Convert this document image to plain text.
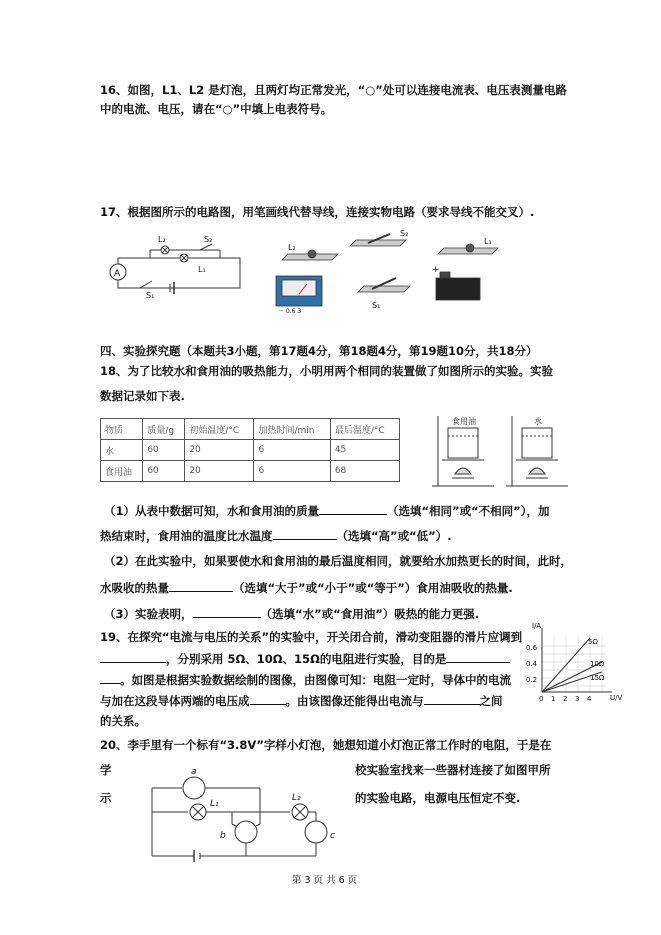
16、如图，L1、L2 是灯泡，且两灯均正常发光，“○”处可以连接电流表、电压表测量电路
中的电流、电压，请在“○”中填上电表符号。
17、根据图所示的电路图，用笔画线代替导线，连接实物电路（要求导线不能交叉）.
A
L₂	S₂
L₁
S₁
L₂
S₂
L₁
S₁
－ 0.6 3
+
四、实验探究题（本题共3小题，第17题4分，第18题4分，第19题10分，共18分）
18、为了比较水和食用油的吸热能力，小明用两个相同的装置做了如图所示的实验。实验
数据记录如下表.
物质	质量/g	初始温度/°C	加热时间/min	最后温度/°C
水	60	20	6	45
食用油	60	20	6	68
食用油	水
（1）从表中数据可知，水和食用油的质量	（选填“相同”或“不相同”），加
热结束时，食用油的温度比水温度	（选填“高”或“低”）.
（2）在此实验中，如果要使水和食用油的最后温度相同，就要给水加热更长的时间，此时，
水吸收的热量	（选填“大于”或“小于”或“等于”）食用油吸收的热量.
（3）实验表明，	（选填“水”或“食用油”）吸热的能力更强.
19、在探究“电流与电压的关系”的实验中，开关闭合前，滑动变阻器的滑片应调到
，分别采用 5Ω、10Ω、15Ω的电阻进行实验，目的是
。如图是根据实验数据绘制的图像，由图像可知：电阻一定时，导体中的电流
与加在这段导体两端的电压成	。由该图像还能得出电流与	之间
的关系。
I/A
U/V
0.6
0.4
0.2
0 1 2 3 4
5Ω
10Ω
15Ω
20、李手里有一个标有“3.8V”字样小灯泡，她想知道小灯泡正常工作时的电阻，于是在
学	校实验室找来一些器材连接了如图甲所
示	的实验电路，电源电压恒定不变.
a
L₁
L₂
b	c
第 3 页 共 6 页
